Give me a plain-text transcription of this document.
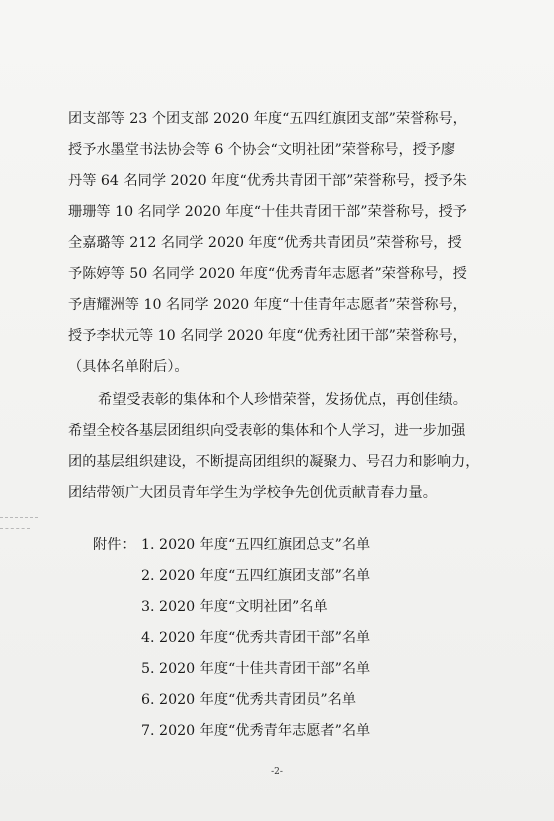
团支部等 23 个团支部 2020 年度“五四红旗团支部”荣誉称号，
授予水墨堂书法协会等 6 个协会“文明社团”荣誉称号，授予廖
丹等 64 名同学 2020 年度“优秀共青团干部”荣誉称号，授予朱
珊珊等 10 名同学 2020 年度“十佳共青团干部”荣誉称号，授予
全嘉璐等 212 名同学 2020 年度“优秀共青团员”荣誉称号，授
予陈婷等 50 名同学 2020 年度“优秀青年志愿者”荣誉称号，授
予唐耀洲等 10 名同学 2020 年度“十佳青年志愿者”荣誉称号，
授予李状元等 10 名同学 2020 年度“优秀社团干部”荣誉称号，
（具体名单附后）。
希望受表彰的集体和个人珍惜荣誉，发扬优点，再创佳绩。
希望全校各基层团组织向受表彰的集体和个人学习，进一步加强
团的基层组织建设，不断提高团组织的凝聚力、号召力和影响力，
团结带领广大团员青年学生为学校争先创优贡献青春力量。
附件： 1. 2020 年度“五四红旗团总支”名单
2. 2020 年度“五四红旗团支部”名单
3. 2020 年度“文明社团”名单
4. 2020 年度“优秀共青团干部”名单
5. 2020 年度“十佳共青团干部”名单
6. 2020 年度“优秀共青团员”名单
7. 2020 年度“优秀青年志愿者”名单
-2-
